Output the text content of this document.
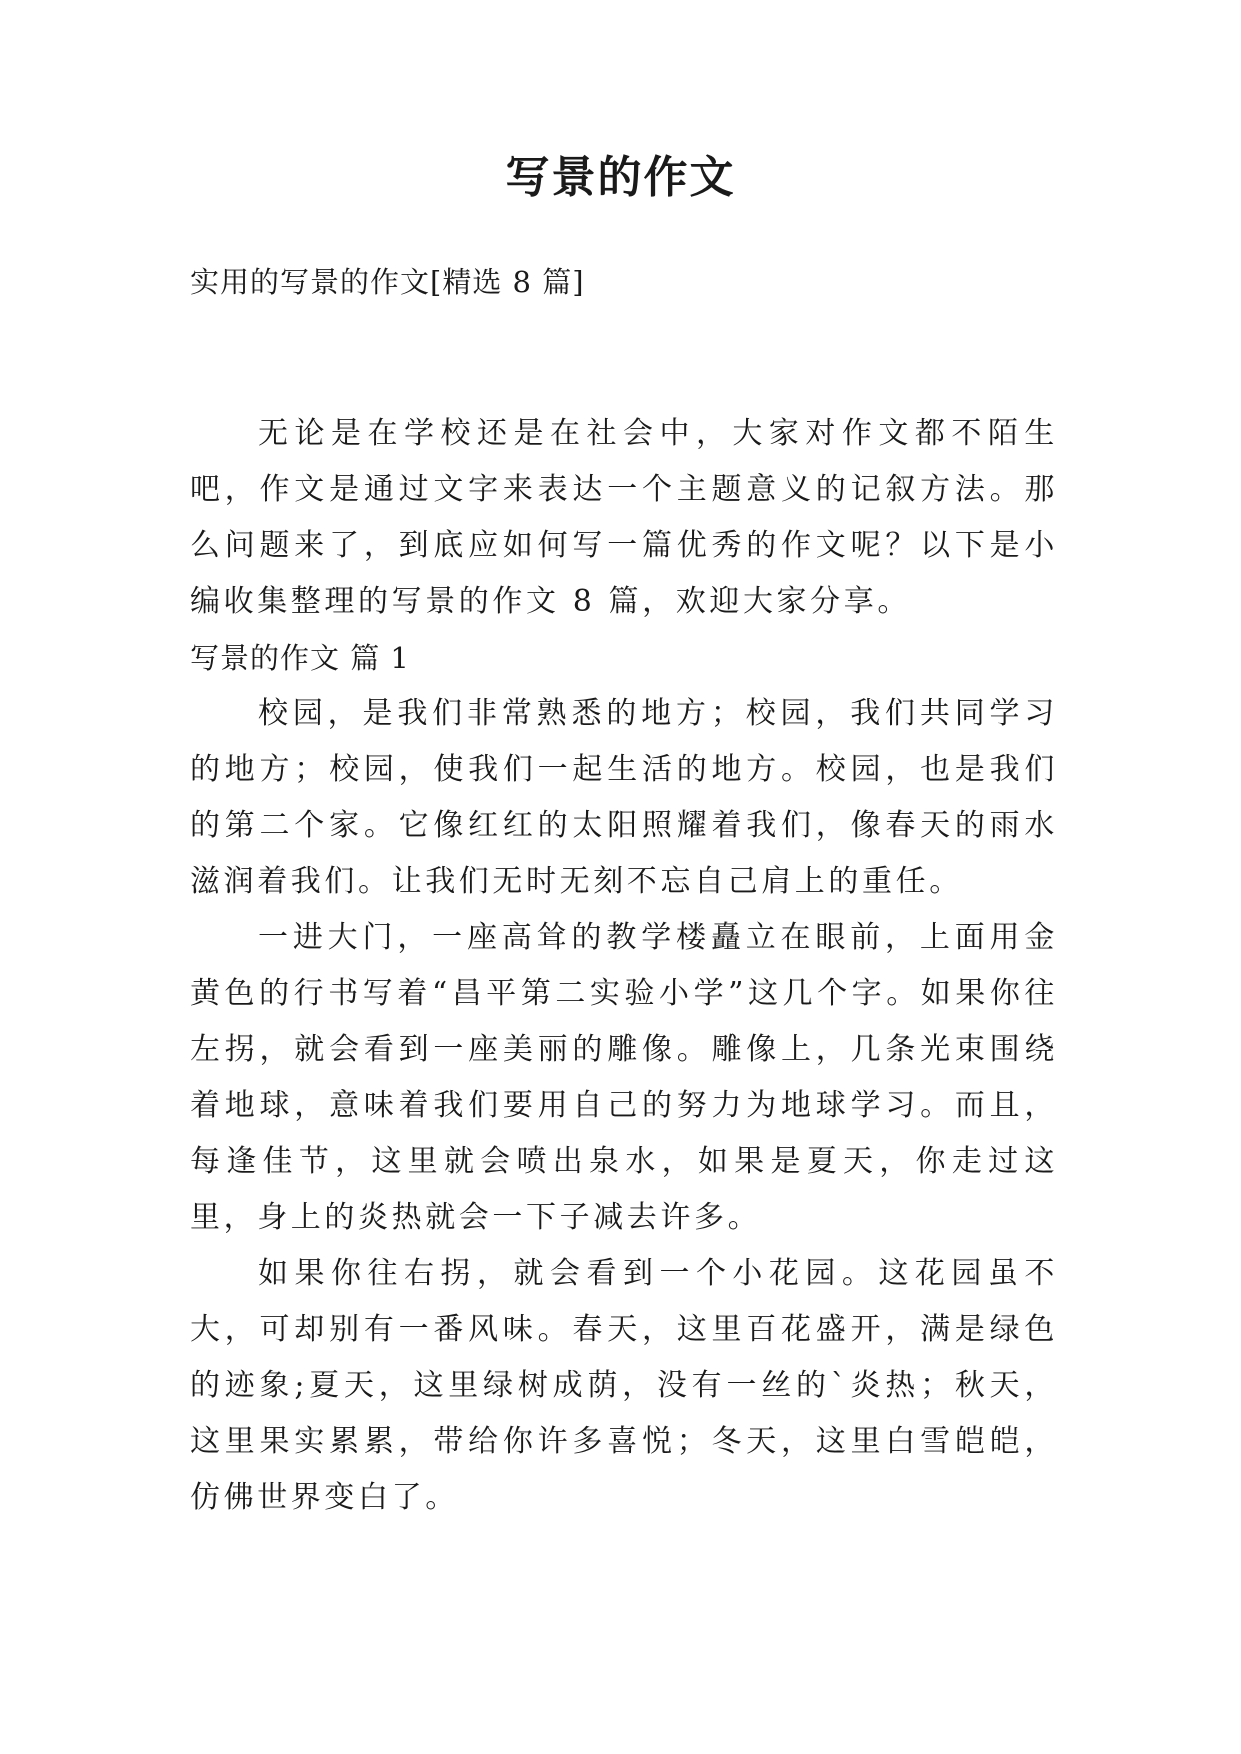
写景的作文
实用的写景的作文[精选 8 篇]

无论是在学校还是在社会中，大家对作文都不陌生吧，作文是通过文字来表达一个主题意义的记叙方法。那么问题来了，到底应如何写一篇优秀的作文呢？以下是小编收集整理的写景的作文 8 篇，欢迎大家分享。

写景的作文 篇 1

校园，是我们非常熟悉的地方；校园，我们共同学习的地方；校园，使我们一起生活的地方。校园，也是我们的第二个家。它像红红的太阳照耀着我们，像春天的雨水滋润着我们。让我们无时无刻不忘自己肩上的重任。

一进大门，一座高耸的教学楼矗立在眼前，上面用金黄色的行书写着“昌平第二实验小学”这几个字。如果你往左拐，就会看到一座美丽的雕像。雕像上，几条光束围绕着地球，意味着我们要用自己的努力为地球学习。而且，每逢佳节，这里就会喷出泉水，如果是夏天，你走过这里，身上的炎热就会一下子减去许多。

如果你往右拐，就会看到一个小花园。这花园虽不大，可却别有一番风味。春天，这里百花盛开，满是绿色的迹象;夏天，这里绿树成荫，没有一丝的`炎热；秋天，这里果实累累，带给你许多喜悦；冬天，这里白雪皑皑，仿佛世界变白了。
